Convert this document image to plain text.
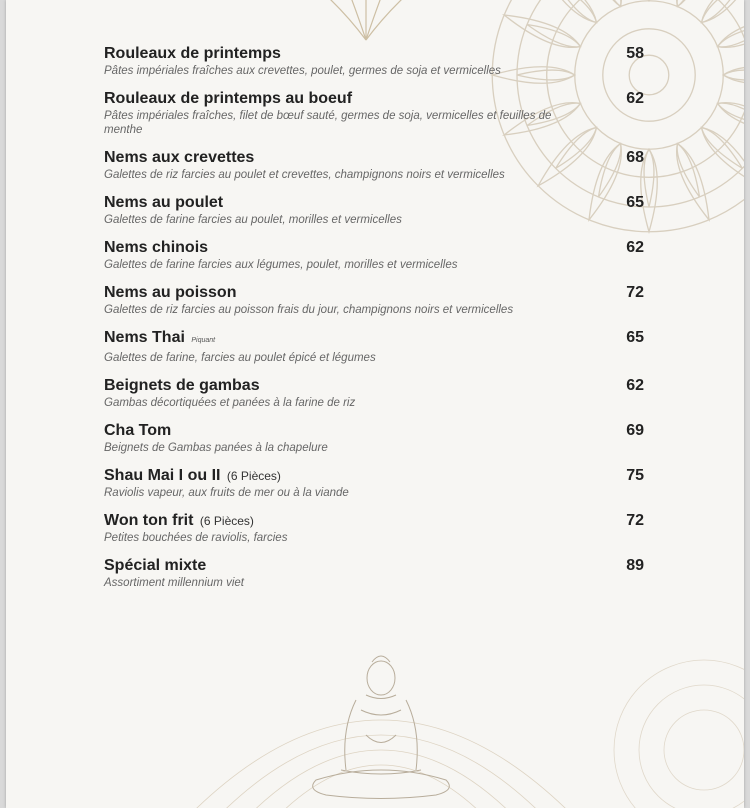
Rouleaux de printemps	58
Pâtes impériales fraîches aux crevettes, poulet, germes de soja et vermicelles
Rouleaux de printemps au boeuf	62
Pâtes impériales fraîches, filet de bœuf sauté, germes de soja, vermicelles et feuilles de menthe
Nems aux crevettes	68
Galettes de riz farcies au poulet et crevettes, champignons noirs et vermicelles
Nems au poulet	65
Galettes de farine farcies au poulet, morilles et vermicelles
Nems chinois	62
Galettes de farine farcies aux légumes, poulet, morilles et vermicelles
Nems au poisson	72
Galettes de riz farcies au poisson frais du jour, champignons noirs et vermicelles
Nems Thai Piquant	65
Galettes de farine, farcies au poulet épicé et légumes
Beignets de gambas	62
Gambas décortiquées et panées à la farine de riz
Cha Tom	69
Beignets de Gambas panées à la chapelure
Shau Mai I ou II (6 Pièces)	75
Raviolis vapeur, aux fruits de mer ou à la viande
Won ton frit (6 Pièces)	72
Petites bouchées de raviolis, farcies
Spécial mixte	89
Assortiment millennium viet
